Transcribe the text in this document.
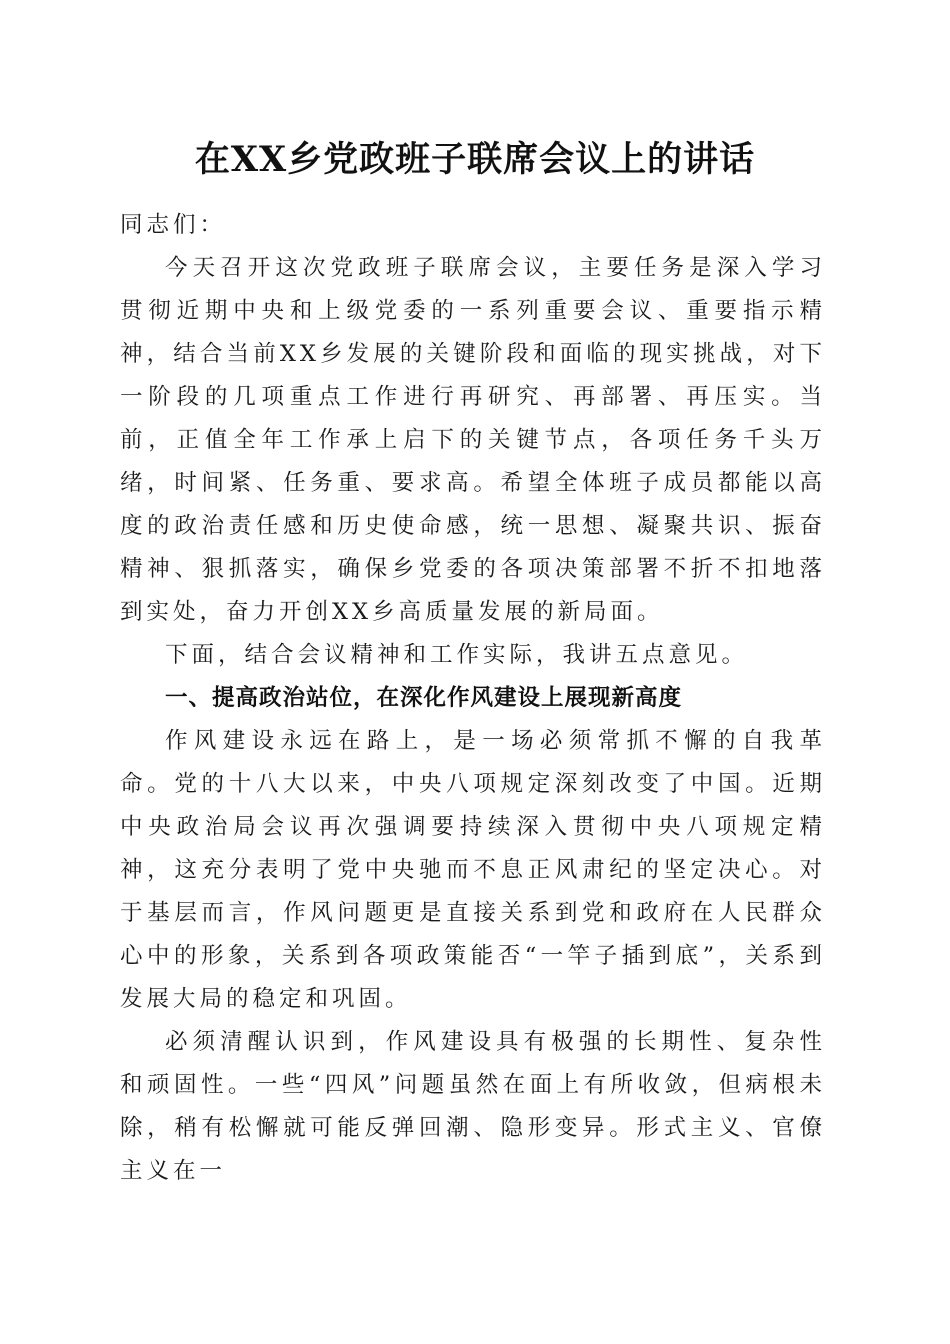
在XX乡党政班子联席会议上的讲话

同志们：

今天召开这次党政班子联席会议，主要任务是深入学习贯彻近期中央和上级党委的一系列重要会议、重要指示精神，结合当前XX乡发展的关键阶段和面临的现实挑战，对下一阶段的几项重点工作进行再研究、再部署、再压实。当前，正值全年工作承上启下的关键节点，各项任务千头万绪，时间紧、任务重、要求高。希望全体班子成员都能以高度的政治责任感和历史使命感，统一思想、凝聚共识、振奋精神、狠抓落实，确保乡党委的各项决策部署不折不扣地落到实处，奋力开创XX乡高质量发展的新局面。

下面，结合会议精神和工作实际，我讲五点意见。

一、提高政治站位，在深化作风建设上展现新高度

作风建设永远在路上，是一场必须常抓不懈的自我革命。党的十八大以来，中央八项规定深刻改变了中国。近期中央政治局会议再次强调要持续深入贯彻中央八项规定精神，这充分表明了党中央驰而不息正风肃纪的坚定决心。对于基层而言，作风问题更是直接关系到党和政府在人民群众心中的形象，关系到各项政策能否“一竿子插到底”，关系到发展大局的稳定和巩固。

必须清醒认识到，作风建设具有极强的长期性、复杂性和顽固性。一些“四风”问题虽然在面上有所收敛，但病根未除，稍有松懈就可能反弹回潮、隐形变异。形式主义、官僚主义在一
